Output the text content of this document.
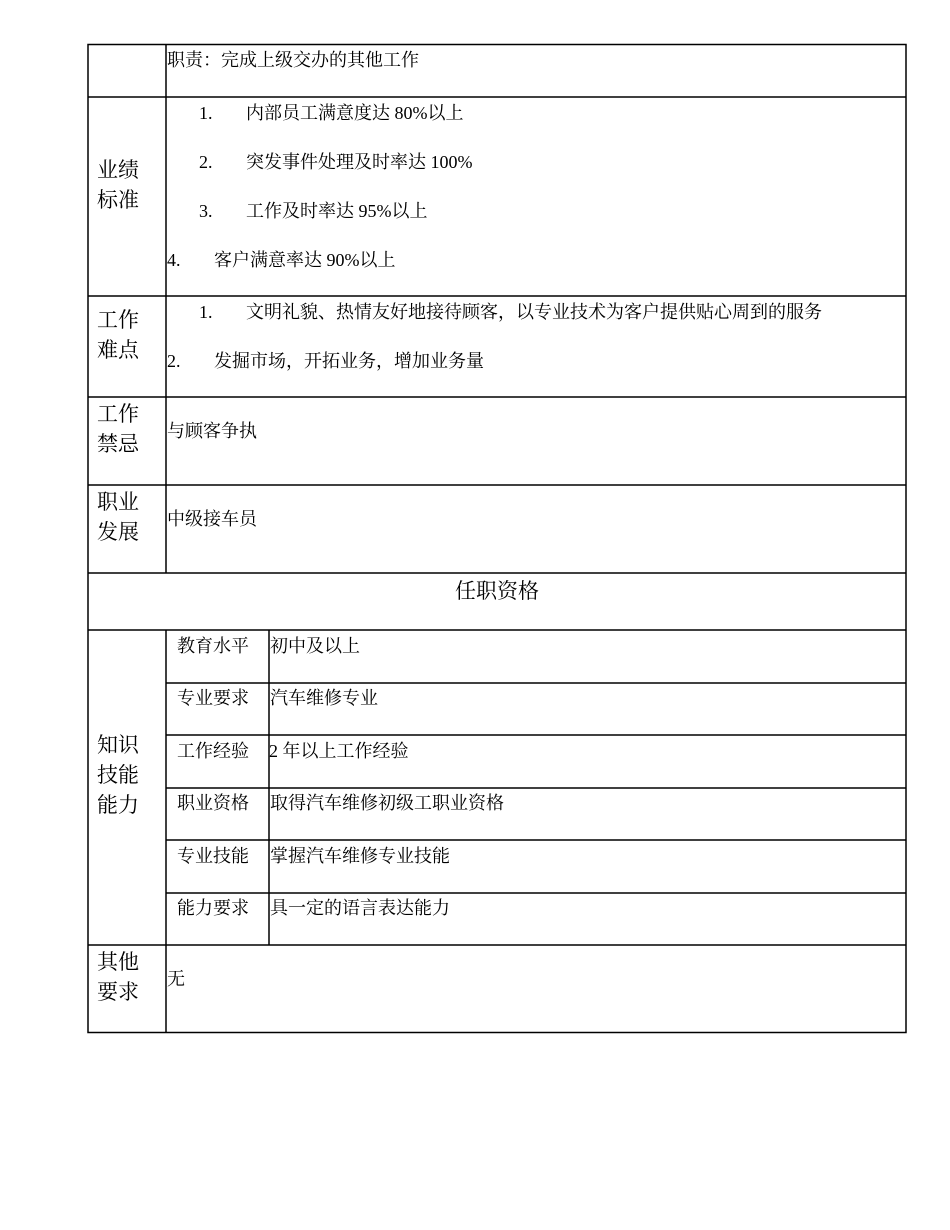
职责：完成上级交办的其他工作
业绩
标准
1. 内部员工满意度达 80%以上
2. 突发事件处理及时率达 100%
3. 工作及时率达 95%以上
4. 客户满意率达 90%以上
工作
难点
1. 文明礼貌、热情友好地接待顾客，以专业技术为客户提供贴心周到的服务
2. 发掘市场，开拓业务，增加业务量
工作
禁忌
与顾客争执
职业
发展
中级接车员
任职资格
知识
技能
能力
教育水平 初中及以上
专业要求 汽车维修专业
工作经验 2 年以上工作经验
职业资格 取得汽车维修初级工职业资格
专业技能 掌握汽车维修专业技能
能力要求 具一定的语言表达能力
其他
要求
无
